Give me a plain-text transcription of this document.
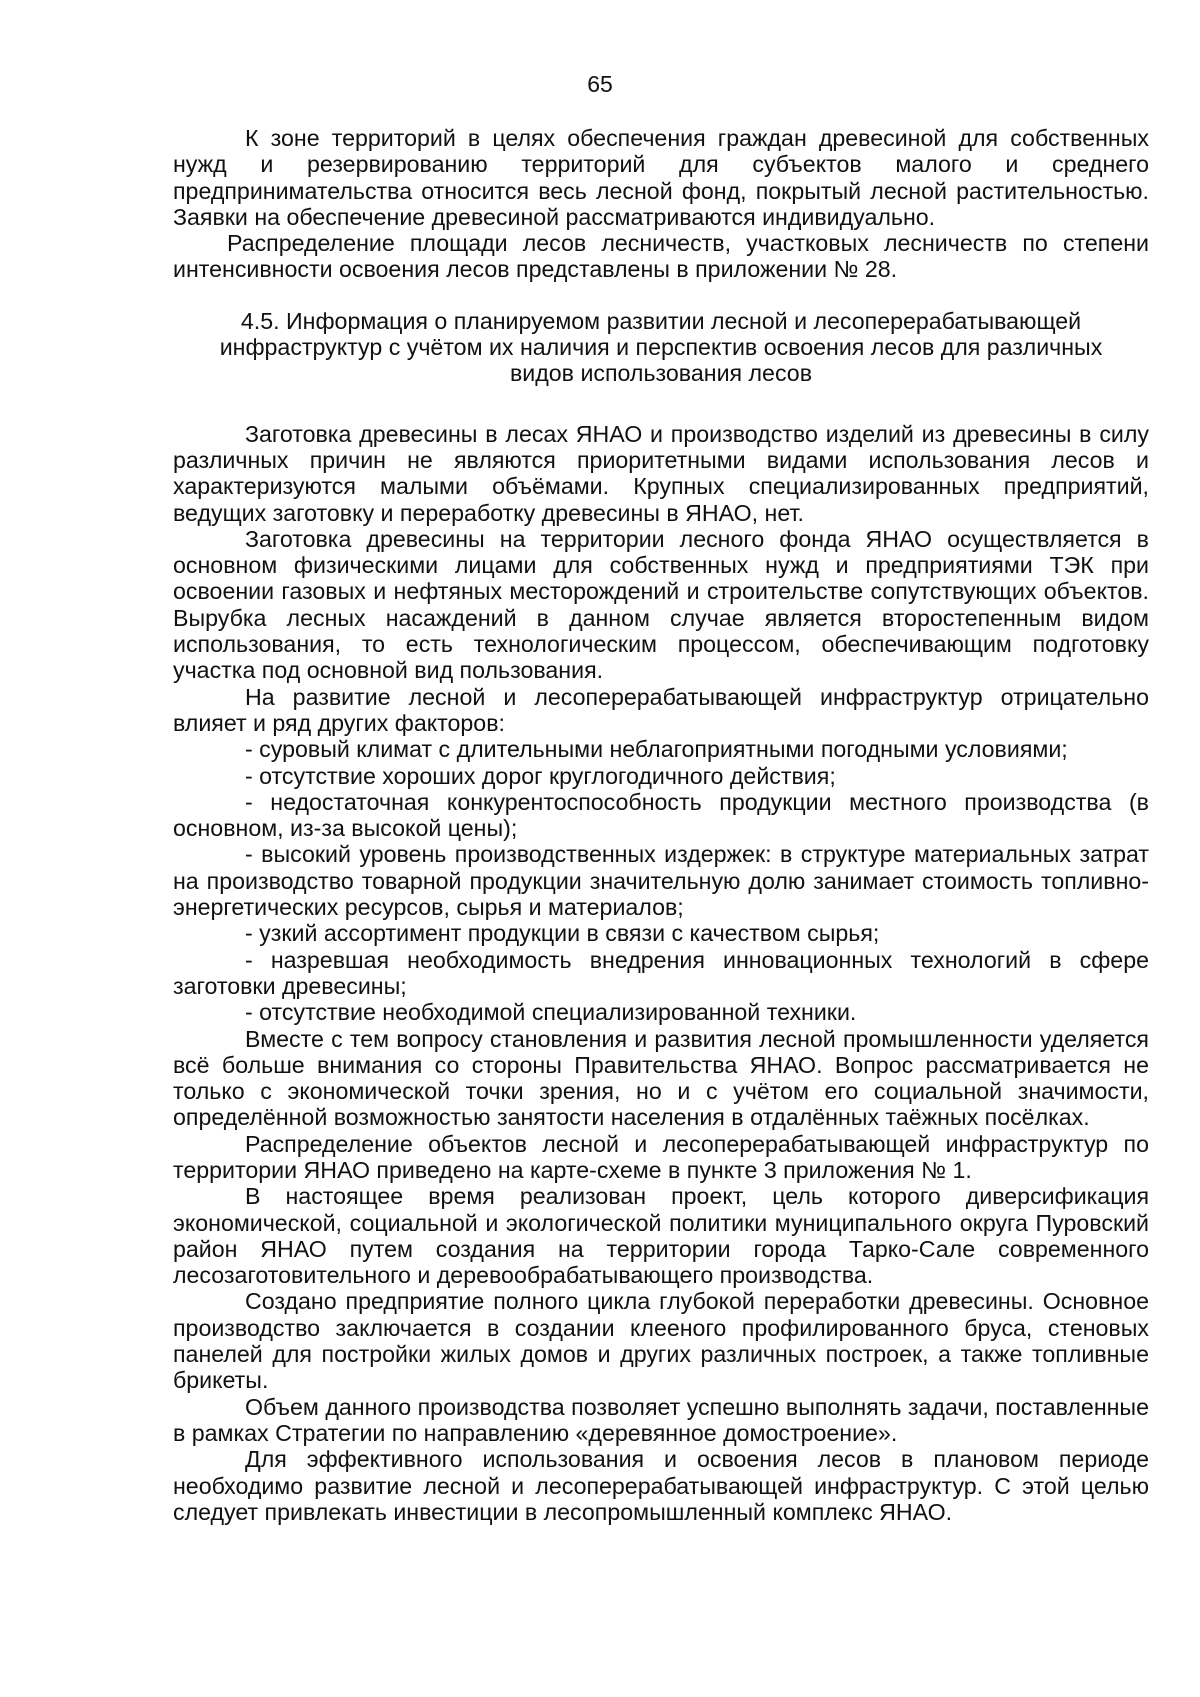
65

К зоне территорий в целях обеспечения граждан древесиной для собственных нужд и резервированию территорий для субъектов малого и среднего предпринимательства относится весь лесной фонд, покрытый лесной растительностью. Заявки на обеспечение древесиной рассматриваются индивидуально.

Распределение площади лесов лесничеств, участковых лесничеств по степени интенсивности освоения лесов представлены в приложении № 28.

4.5. Информация о планируемом развитии лесной и лесоперерабатывающей инфраструктур с учётом их наличия и перспектив освоения лесов для различных видов использования лесов

Заготовка древесины в лесах ЯНАО и производство изделий из древесины в силу различных причин не являются приоритетными видами использования лесов и характеризуются малыми объёмами. Крупных специализированных предприятий, ведущих заготовку и переработку древесины в ЯНАО, нет.

Заготовка древесины на территории лесного фонда ЯНАО осуществляется в основном физическими лицами для собственных нужд и предприятиями ТЭК при освоении газовых и нефтяных месторождений и строительстве сопутствующих объектов. Вырубка лесных насаждений в данном случае является второстепенным видом использования, то есть технологическим процессом, обеспечивающим подготовку участка под основной вид пользования.

На развитие лесной и лесоперерабатывающей инфраструктур отрицательно влияет и ряд других факторов:

- суровый климат с длительными неблагоприятными погодными условиями;

- отсутствие хороших дорог круглогодичного действия;

- недостаточная конкурентоспособность продукции местного производства (в основном, из-за высокой цены);

- высокий уровень производственных издержек: в структуре материальных затрат на производство товарной продукции значительную долю занимает стоимость топливно-энергетических ресурсов, сырья и материалов;

- узкий ассортимент продукции в связи с качеством сырья;

- назревшая необходимость внедрения инновационных технологий в сфере заготовки древесины;

- отсутствие необходимой специализированной техники.

Вместе с тем вопросу становления и развития лесной промышленности уделяется всё больше внимания со стороны Правительства ЯНАО. Вопрос рассматривается не только с экономической точки зрения, но и с учётом его социальной значимости, определённой возможностью занятости населения в отдалённых таёжных посёлках.

Распределение объектов лесной и лесоперерабатывающей инфраструктур по территории ЯНАО приведено на карте-схеме в пункте 3 приложения № 1.

В настоящее время реализован проект, цель которого диверсификация экономической, социальной и экологической политики муниципального округа Пуровский район ЯНАО путем создания на территории города Тарко-Сале современного лесозаготовительного и деревообрабатывающего производства.

Создано предприятие полного цикла глубокой переработки древесины. Основное производство заключается в создании клееного профилированного бруса, стеновых панелей для постройки жилых домов и других различных построек, а также топливные брикеты.

Объем данного производства позволяет успешно выполнять задачи, поставленные в рамках Стратегии по направлению «деревянное домостроение».

Для эффективного использования и освоения лесов в плановом периоде необходимо развитие лесной и лесоперерабатывающей инфраструктур. С этой целью следует привлекать инвестиции в лесопромышленный комплекс ЯНАО.
